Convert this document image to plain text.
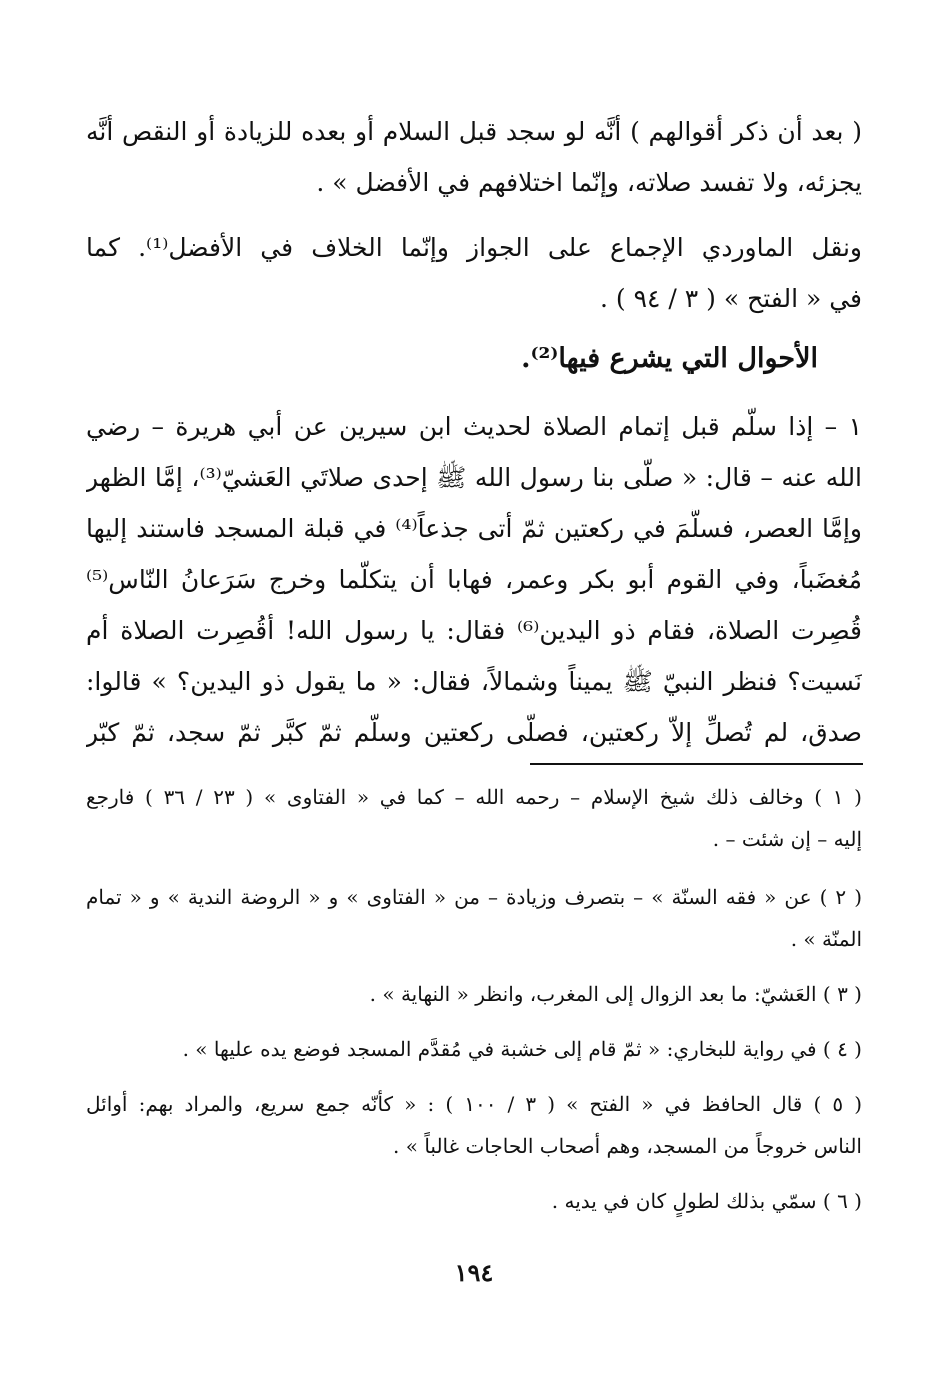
( بعد أن ذكر أقوالهم ) أنَّه لو سجد قبل السلام أو بعده للزيادة أو النقص أنَّه
يجزئه، ولا تفسد صلاته، وإنّما اختلافهم في الأفضل » .
ونقل الماوردي الإجماع على الجواز وإنّما الخلاف في الأفضل⁽¹⁾. كما
في « الفتح » ( ٣ / ٩٤ ) .
الأحوال التي يشرع فيها⁽²⁾.
١ – إذا سلّم قبل إتمام الصلاة لحديث ابن سيرين عن أبي هريرة – رضي
الله عنه – قال: « صلّى بنا رسول الله ﷺ إحدى صلاتَي العَشيّ⁽³⁾، إمَّا الظهر
وإمَّا العصر، فسلَّمَ في ركعتين ثمّ أتى جذعاً⁽⁴⁾ في قبلة المسجد فاستند إليها
مُغضَباً، وفي القوم أبو بكر وعمر، فهابا أن يتكلّما وخرج سَرَعانُ النّاس⁽⁵⁾
قُصِرت الصلاة، فقام ذو اليدين⁽⁶⁾ فقال: يا رسول الله! أقُصِرت الصلاة أم
نَسيت؟ فنظر النبيّ ﷺ يميناً وشمالاً، فقال: « ما يقول ذو اليدين؟ » قالوا:
صدق، لم تُصلِّ إلاّ ركعتين، فصلّى ركعتين وسلّم ثمّ كبَّر ثمّ سجد، ثمّ كبّر
( ١ ) وخالف ذلك شيخ الإسلام – رحمه الله – كما في « الفتاوى » ( ٢٣ / ٣٦ ) فارجع
إليه – إن شئت – .
( ٢ ) عن « فقه السنّة » – بتصرف وزيادة – من « الفتاوى » و « الروضة الندية » و « تمام
المنّة » .
( ٣ ) العَشيّ: ما بعد الزوال إلى المغرب، وانظر « النهاية » .
( ٤ ) في رواية للبخاري: « ثمّ قام إلى خشبة في مُقدَّم المسجد فوضع يده عليها » .
( ٥ ) قال الحافظ في « الفتح » ( ٣ / ١٠٠ ) : « كأنّه جمع سريع، والمراد بهم: أوائل
الناس خروجاً من المسجد، وهم أصحاب الحاجات غالباً » .
( ٦ ) سمّي بذلك لطولٍ كان في يديه .
١٩٤
